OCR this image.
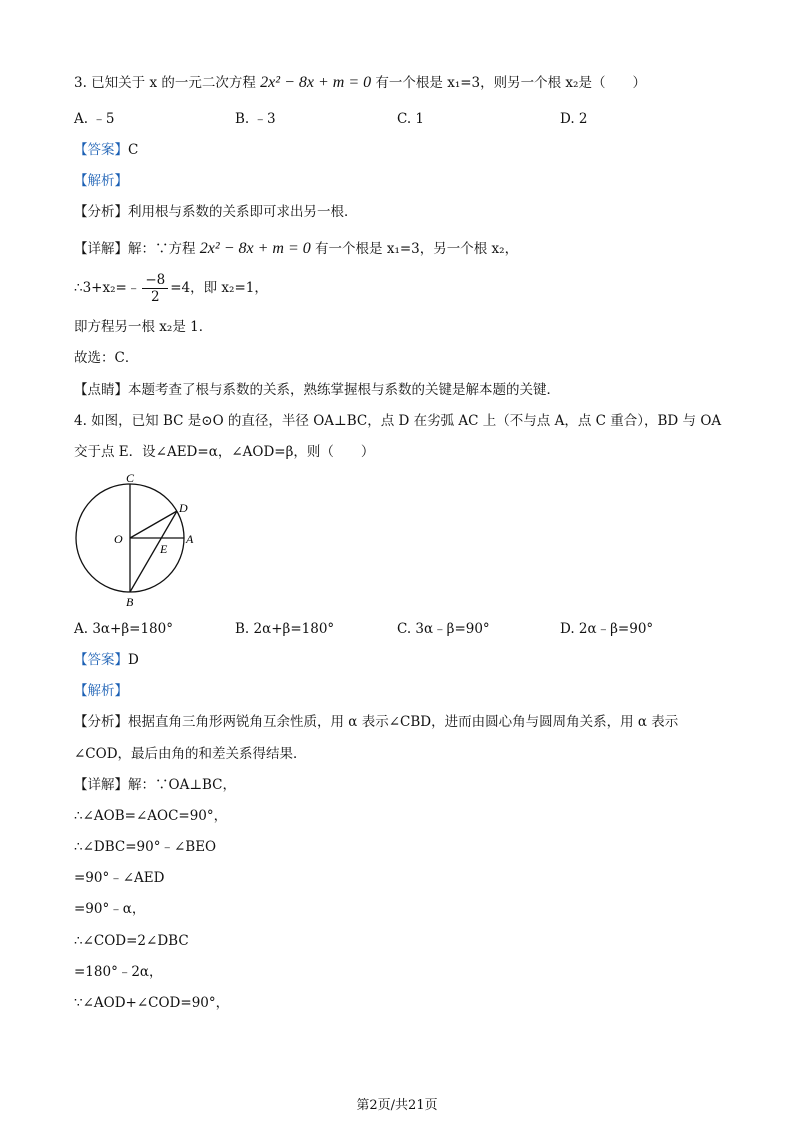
3. 已知关于 x 的一元二次方程 2x² − 8x + m = 0 有一个根是 x₁=3，则另一个根 x₂是（　　）
A. ﹣5	B. ﹣3	C. 1	D. 2
【答案】C
【解析】
【分析】利用根与系数的关系即可求出另一根．
【详解】解：∵方程 2x² − 8x + m = 0 有一个根是 x₁=3，另一个根 x₂，
∴3+x₂=﹣ $\frac{-8}{2} =4$，即 x₂=1，
即方程另一根 x₂是 1．
故选：C．
【点睛】本题考查了根与系数的关系，熟练掌握根与系数的关键是解本题的关键．
4. 如图，已知 BC 是⊙O 的直径，半径 OA⊥BC，点 D 在劣弧 AC 上（不与点 A，点 C 重合），BD 与 OA
交于点 E．设∠AED=α，∠AOD=β，则（　　）
C
D
O
E
A
B
A. 3α+β=180°	B. 2α+β=180°	C. 3α﹣β=90°	D. 2α﹣β=90°
【答案】D
【解析】
【分析】根据直角三角形两锐角互余性质，用 α 表示∠CBD，进而由圆心角与圆周角关系，用 α 表示
∠COD，最后由角的和差关系得结果．
【详解】解：∵OA⊥BC，
∴∠AOB=∠AOC=90°，
∴∠DBC=90°﹣∠BEO
=90°﹣∠AED
=90°﹣α，
∴∠COD=2∠DBC
=180°﹣2α，
∵∠AOD+∠COD=90°，
第2页/共21页
